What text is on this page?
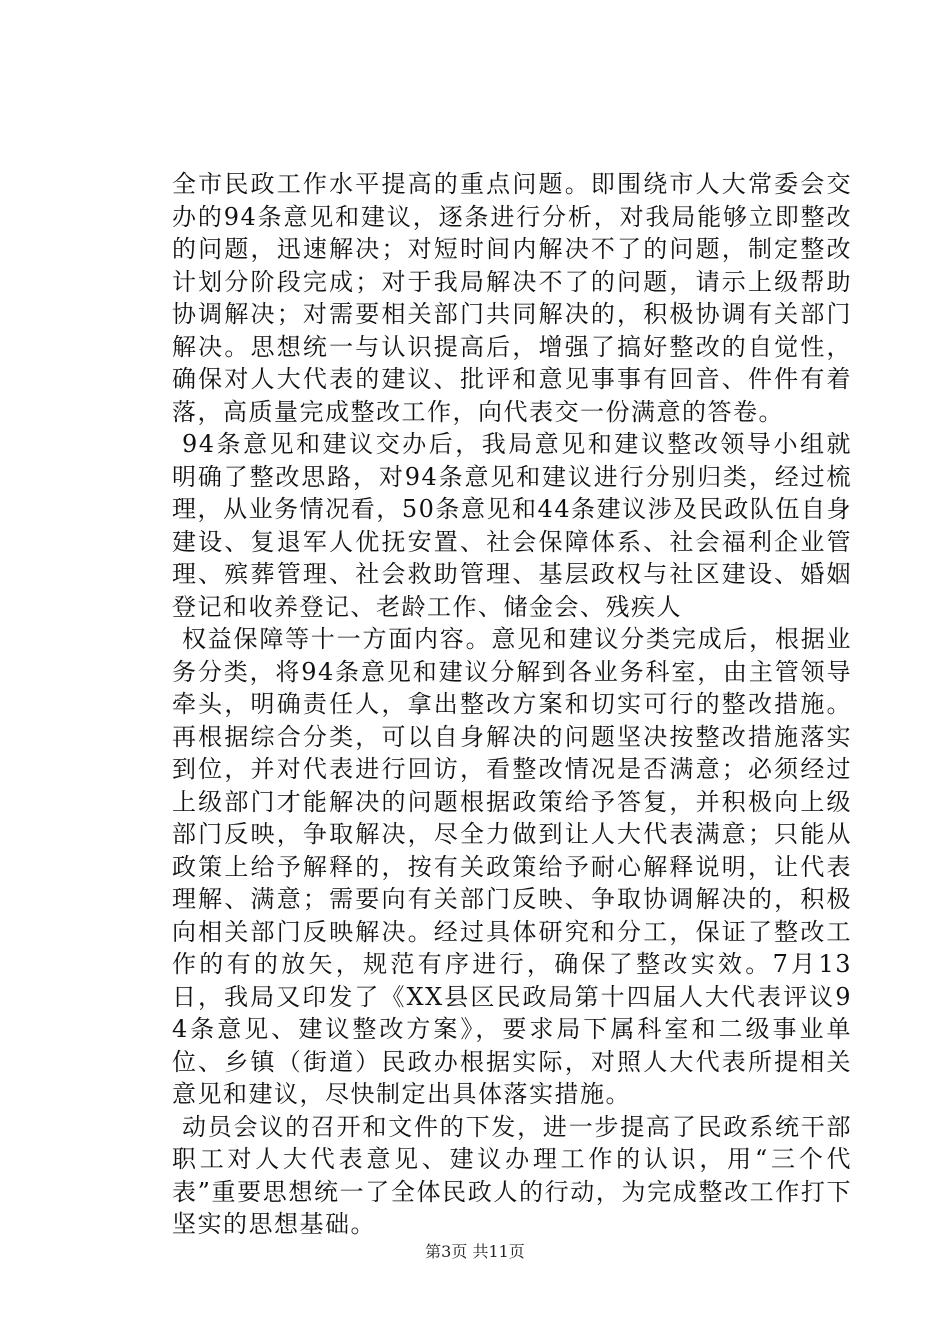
全市民政工作水平提高的重点问题。即围绕市人大常委会交办的94条意见和建议，逐条进行分析，对我局能够立即整改的问题，迅速解决；对短时间内解决不了的问题，制定整改计划分阶段完成；对于我局解决不了的问题，请示上级帮助协调解决；对需要相关部门共同解决的，积极协调有关部门解决。思想统一与认识提高后，增强了搞好整改的自觉性，确保对人大代表的建议、批评和意见事事有回音、件件有着落，高质量完成整改工作，向代表交一份满意的答卷。

94条意见和建议交办后，我局意见和建议整改领导小组就明确了整改思路，对94条意见和建议进行分别归类，经过梳理，从业务情况看，50条意见和44条建议涉及民政队伍自身建设、复退军人优抚安置、社会保障体系、社会福利企业管理、殡葬管理、社会救助管理、基层政权与社区建设、婚姻登记和收养登记、老龄工作、储金会、残疾人

权益保障等十一方面内容。意见和建议分类完成后，根据业务分类，将94条意见和建议分解到各业务科室，由主管领导牵头，明确责任人，拿出整改方案和切实可行的整改措施。再根据综合分类，可以自身解决的问题坚决按整改措施落实到位，并对代表进行回访，看整改情况是否满意；必须经过上级部门才能解决的问题根据政策给予答复，并积极向上级部门反映，争取解决，尽全力做到让人大代表满意；只能从政策上给予解释的，按有关政策给予耐心解释说明，让代表理解、满意；需要向有关部门反映、争取协调解决的，积极向相关部门反映解决。经过具体研究和分工，保证了整改工作的有的放矢，规范有序进行，确保了整改实效。7月13日，我局又印发了《XX县区民政局第十四届人大代表评议94条意见、建议整改方案》，要求局下属科室和二级事业单位、乡镇（街道）民政办根据实际，对照人大代表所提相关意见和建议，尽快制定出具体落实措施。

动员会议的召开和文件的下发，进一步提高了民政系统干部职工对人大代表意见、建议办理工作的认识，用“三个代表”重要思想统一了全体民政人的行动，为完成整改工作打下坚实的思想基础。

第3页 共11页
